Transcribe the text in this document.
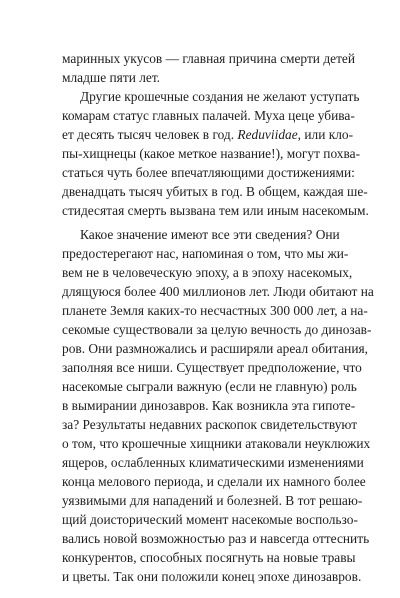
маринных укусов — главная причина смерти детей

младше пяти лет.

Другие крошечные создания не желают уступать

комарам статус главных палачей. Муха цеце убива-

ет десять тысяч человек в год. Reduviidae, или кло-

пы-хищнецы (какое меткое название!), могут похва-

статься чуть более впечатляющими достижениями:

двенадцать тысяч убитых в год. В общем, каждая ше-

стидесятая смерть вызвана тем или иным насекомым.

Какое значение имеют все эти сведения? Они

предостерегают нас, напоминая о том, что мы жи-

вем не в человеческую эпоху, а в эпоху насекомых,

длящуюся более 400 миллионов лет. Люди обитают на

планете Земля каких-то несчастных 300 000 лет, а на-

секомые существовали за целую вечность до динозав-

ров. Они размножались и расширяли ареал обитания,

заполняя все ниши. Существует предположение, что

насекомые сыграли важную (если не главную) роль

в вымирании динозавров. Как возникла эта гипоте-

за? Результаты недавних раскопок свидетельствуют

о том, что крошечные хищники атаковали неуклюжих

ящеров, ослабленных климатическими изменениями

конца мелового периода, и сделали их намного более

уязвимыми для нападений и болезней. В тот решаю-

щий доисторический момент насекомые воспользо-

вались новой возможностью раз и навсегда оттеснить

конкурентов, способных посягнуть на новые травы

и цветы. Так они положили конец эпохе динозавров.
